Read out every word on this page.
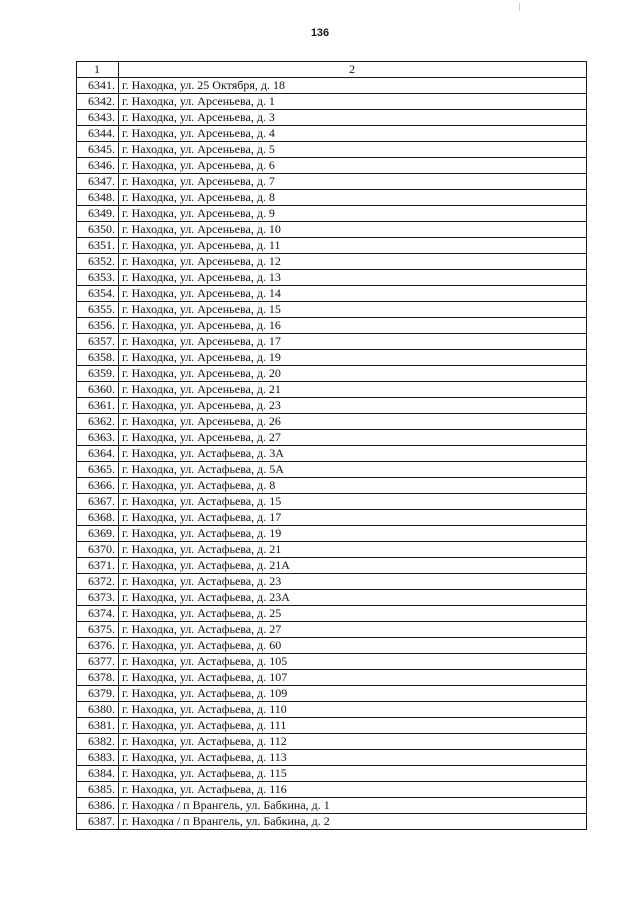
136
1	2
6341.	г. Находка, ул. 25 Октября, д. 18
6342.	г. Находка, ул. Арсеньева, д. 1
6343.	г. Находка, ул. Арсеньева, д. 3
6344.	г. Находка, ул. Арсеньева, д. 4
6345.	г. Находка, ул. Арсеньева, д. 5
6346.	г. Находка, ул. Арсеньева, д. 6
6347.	г. Находка, ул. Арсеньева, д. 7
6348.	г. Находка, ул. Арсеньева, д. 8
6349.	г. Находка, ул. Арсеньева, д. 9
6350.	г. Находка, ул. Арсеньева, д. 10
6351.	г. Находка, ул. Арсеньева, д. 11
6352.	г. Находка, ул. Арсеньева, д. 12
6353.	г. Находка, ул. Арсеньева, д. 13
6354.	г. Находка, ул. Арсеньева, д. 14
6355.	г. Находка, ул. Арсеньева, д. 15
6356.	г. Находка, ул. Арсеньева, д. 16
6357.	г. Находка, ул. Арсеньева, д. 17
6358.	г. Находка, ул. Арсеньева, д. 19
6359.	г. Находка, ул. Арсеньева, д. 20
6360.	г. Находка, ул. Арсеньева, д. 21
6361.	г. Находка, ул. Арсеньева, д. 23
6362.	г. Находка, ул. Арсеньева, д. 26
6363.	г. Находка, ул. Арсеньева, д. 27
6364.	г. Находка, ул. Астафьева, д. 3А
6365.	г. Находка, ул. Астафьева, д. 5А
6366.	г. Находка, ул. Астафьева, д. 8
6367.	г. Находка, ул. Астафьева, д. 15
6368.	г. Находка, ул. Астафьева, д. 17
6369.	г. Находка, ул. Астафьева, д. 19
6370.	г. Находка, ул. Астафьева, д. 21
6371.	г. Находка, ул. Астафьева, д. 21А
6372.	г. Находка, ул. Астафьева, д. 23
6373.	г. Находка, ул. Астафьева, д. 23А
6374.	г. Находка, ул. Астафьева, д. 25
6375.	г. Находка, ул. Астафьева, д. 27
6376.	г. Находка, ул. Астафьева, д. 60
6377.	г. Находка, ул. Астафьева, д. 105
6378.	г. Находка, ул. Астафьева, д. 107
6379.	г. Находка, ул. Астафьева, д. 109
6380.	г. Находка, ул. Астафьева, д. 110
6381.	г. Находка, ул. Астафьева, д. 111
6382.	г. Находка, ул. Астафьева, д. 112
6383.	г. Находка, ул. Астафьева, д. 113
6384.	г. Находка, ул. Астафьева, д. 115
6385.	г. Находка, ул. Астафьева, д. 116
6386.	г. Находка / п Врангель, ул. Бабкина, д. 1
6387.	г. Находка / п Врангель, ул. Бабкина, д. 2
